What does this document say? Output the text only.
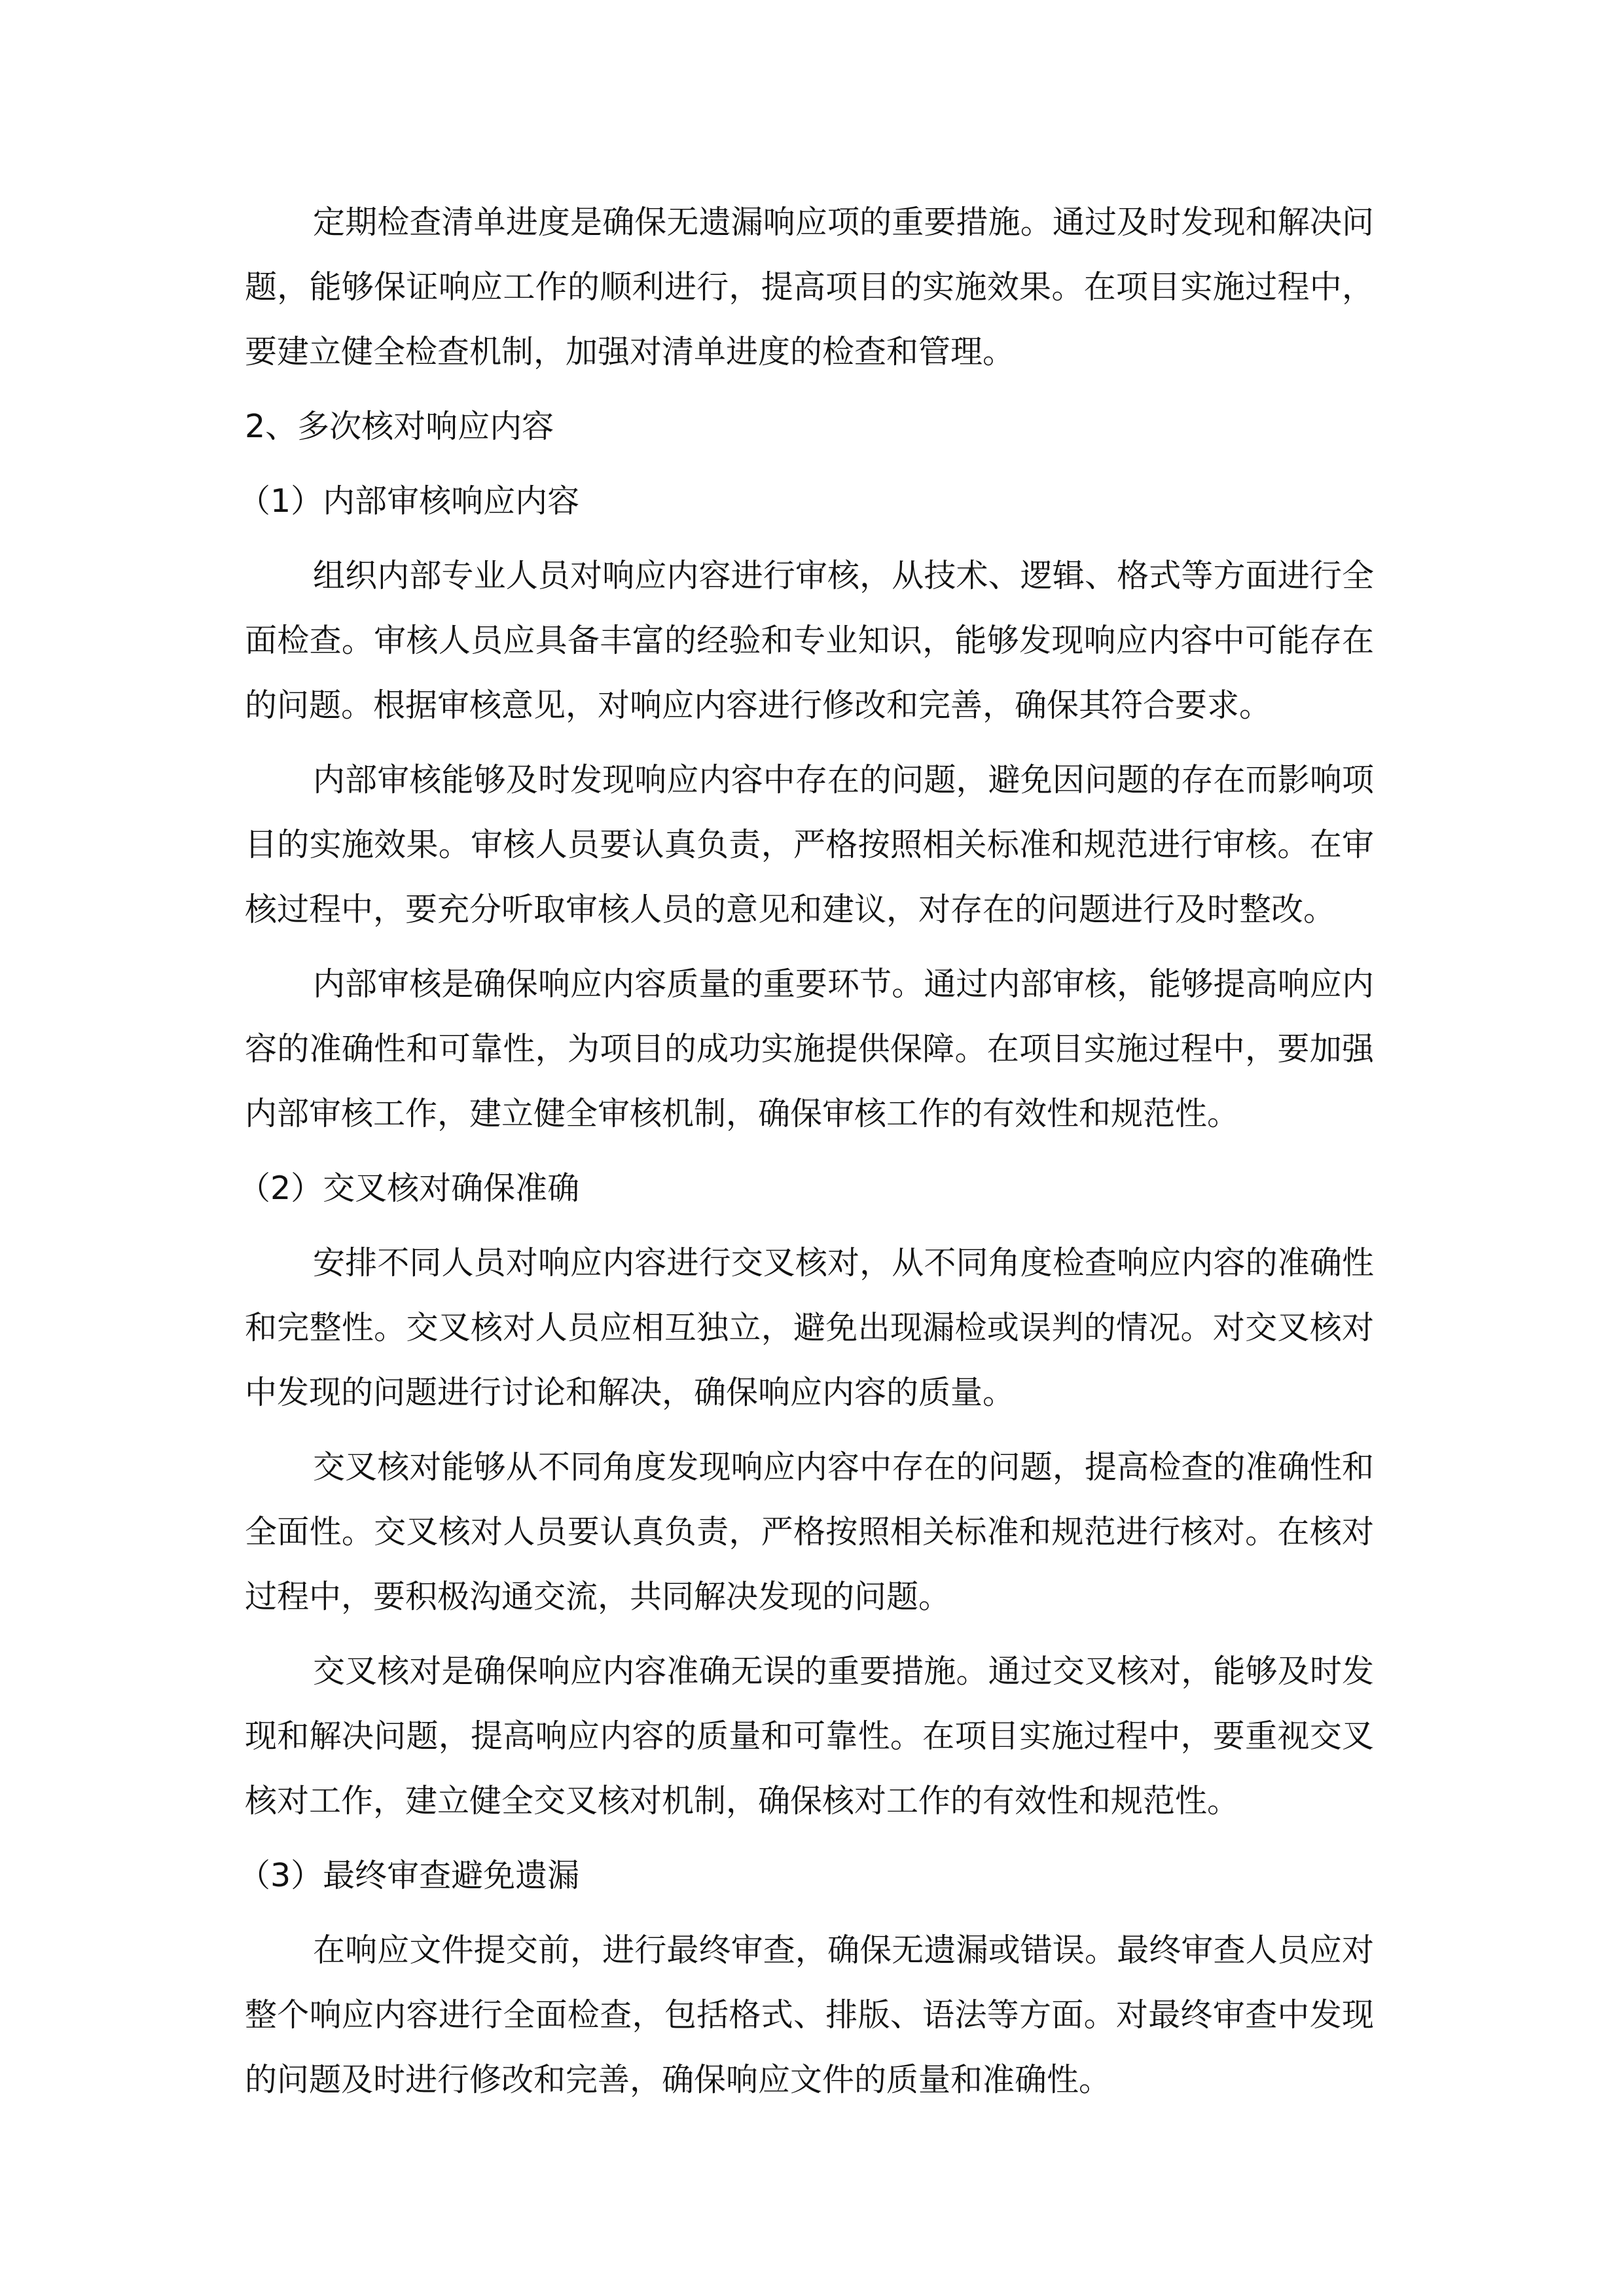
定期检查清单进度是确保无遗漏响应项的重要措施。通过及时发现和解决问题，能够保证响应工作的顺利进行，提高项目的实施效果。在项目实施过程中，要建立健全检查机制，加强对清单进度的检查和管理。

2、多次核对响应内容

（1）内部审核响应内容

组织内部专业人员对响应内容进行审核，从技术、逻辑、格式等方面进行全面检查。审核人员应具备丰富的经验和专业知识，能够发现响应内容中可能存在的问题。根据审核意见，对响应内容进行修改和完善，确保其符合要求。

内部审核能够及时发现响应内容中存在的问题，避免因问题的存在而影响项目的实施效果。审核人员要认真负责，严格按照相关标准和规范进行审核。在审核过程中，要充分听取审核人员的意见和建议，对存在的问题进行及时整改。

内部审核是确保响应内容质量的重要环节。通过内部审核，能够提高响应内容的准确性和可靠性，为项目的成功实施提供保障。在项目实施过程中，要加强内部审核工作，建立健全审核机制，确保审核工作的有效性和规范性。

（2）交叉核对确保准确

安排不同人员对响应内容进行交叉核对，从不同角度检查响应内容的准确性和完整性。交叉核对人员应相互独立，避免出现漏检或误判的情况。对交叉核对中发现的问题进行讨论和解决，确保响应内容的质量。

交叉核对能够从不同角度发现响应内容中存在的问题，提高检查的准确性和全面性。交叉核对人员要认真负责，严格按照相关标准和规范进行核对。在核对过程中，要积极沟通交流，共同解决发现的问题。

交叉核对是确保响应内容准确无误的重要措施。通过交叉核对，能够及时发现和解决问题，提高响应内容的质量和可靠性。在项目实施过程中，要重视交叉核对工作，建立健全交叉核对机制，确保核对工作的有效性和规范性。

（3）最终审查避免遗漏

在响应文件提交前，进行最终审查，确保无遗漏或错误。最终审查人员应对整个响应内容进行全面检查，包括格式、排版、语法等方面。对最终审查中发现的问题及时进行修改和完善，确保响应文件的质量和准确性。
